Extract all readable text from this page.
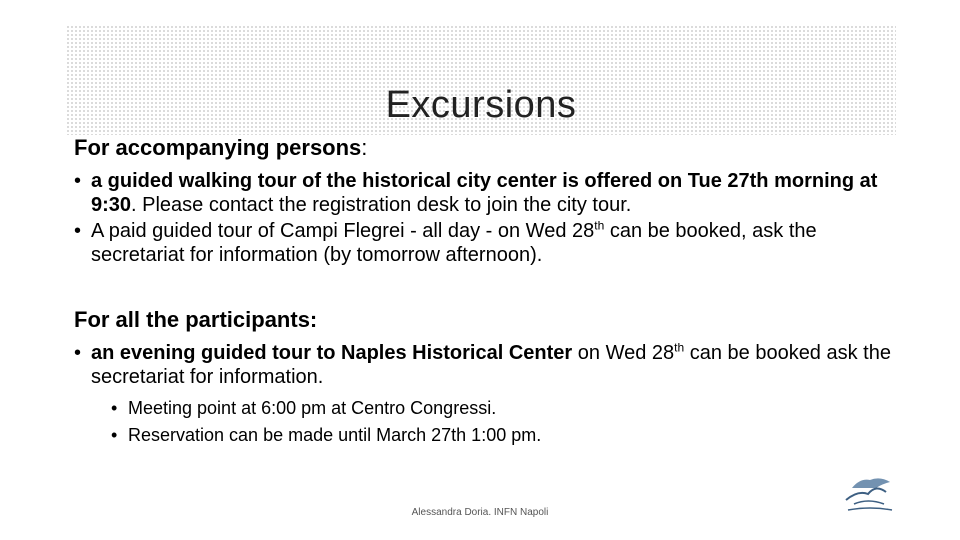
Excursions

For accompanying persons:

• a guided walking tour of the historical city center is offered on Tue 27th morning at 9:30. Please contact the registration desk to join the city tour.
• A paid guided tour of Campi Flegrei - all day - on Wed 28th can be booked, ask the secretariat for information (by tomorrow afternoon).

For all the participants:

• an evening guided tour to Naples Historical Center on Wed 28th can be booked ask the secretariat for information.
• Meeting point at 6:00 pm at Centro Congressi.
• Reservation can be made until March 27th 1:00 pm.
Alessandra Doria. INFN Napoli
